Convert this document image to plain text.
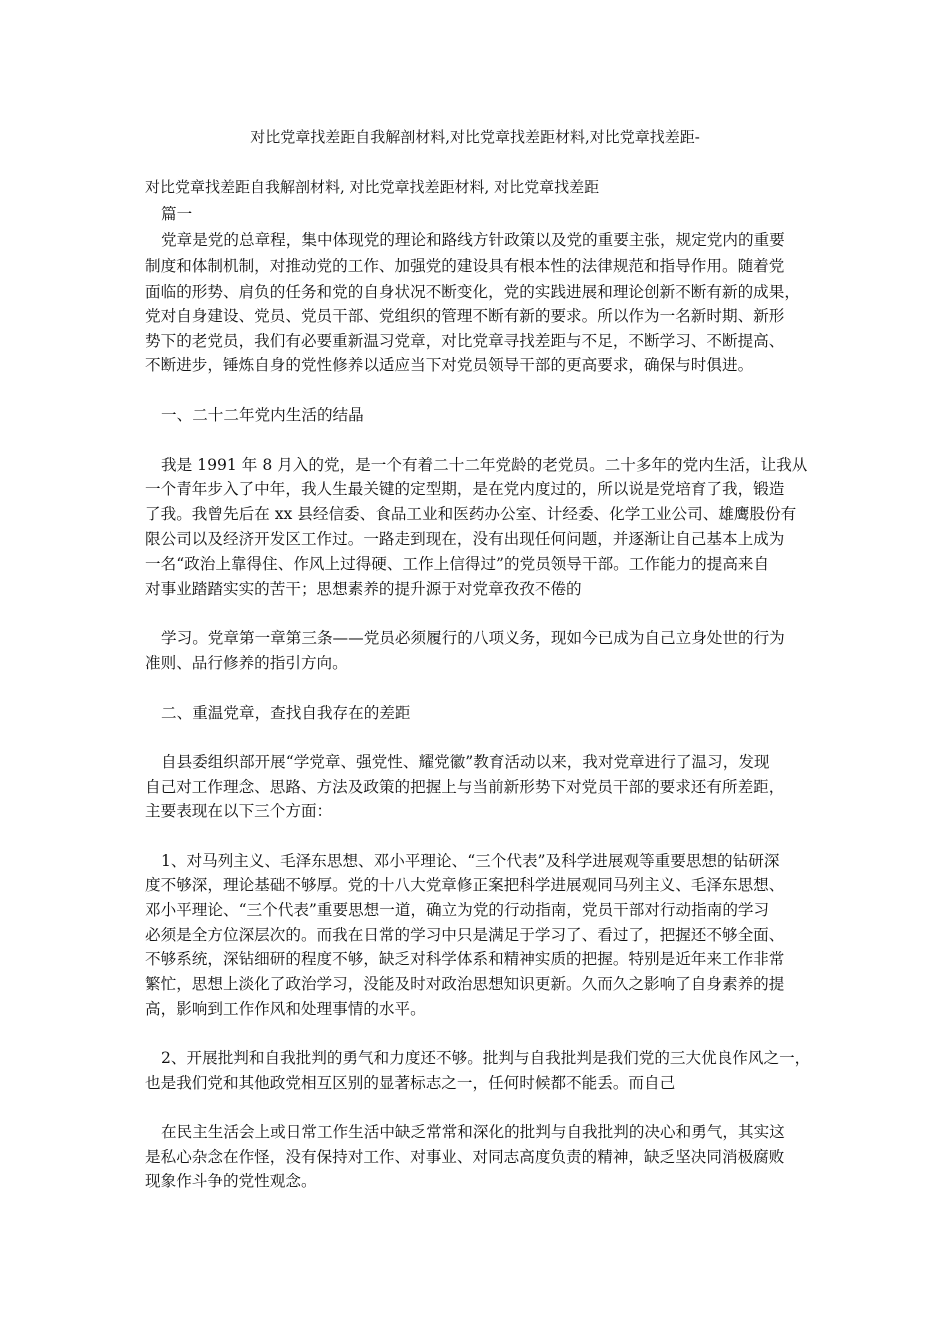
对比党章找差距自我解剖材料,对比党章找差距材料,对比党章找差距-

对比党章找差距自我解剖材料, 对比党章找差距材料, 对比党章找差距

篇一

党章是党的总章程，集中体现党的理论和路线方针政策以及党的重要主张，规定党内的重要

制度和体制机制，对推动党的工作、加强党的建设具有根本性的法律规范和指导作用。随着党

面临的形势、肩负的任务和党的自身状况不断变化，党的实践进展和理论创新不断有新的成果，

党对自身建设、党员、党员干部、党组织的管理不断有新的要求。所以作为一名新时期、新形

势下的老党员，我们有必要重新温习党章，对比党章寻找差距与不足，不断学习、不断提高、

不断进步，锤炼自身的党性修养以适应当下对党员领导干部的更高要求，确保与时俱进。

一、二十二年党内生活的结晶

我是 1991 年 8 月入的党，是一个有着二十二年党龄的老党员。二十多年的党内生活，让我从

一个青年步入了中年，我人生最关键的定型期，是在党内度过的，所以说是党培育了我，锻造

了我。我曾先后在 xx 县经信委、食品工业和医药办公室、计经委、化学工业公司、雄鹰股份有

限公司以及经济开发区工作过。一路走到现在，没有出现任何问题，并逐渐让自己基本上成为

一名“政治上靠得住、作风上过得硬、工作上信得过”的党员领导干部。工作能力的提高来自

对事业踏踏实实的苦干；思想素养的提升源于对党章孜孜不倦的

学习。党章第一章第三条——党员必须履行的八项义务，现如今已成为自己立身处世的行为

准则、品行修养的指引方向。

二、重温党章，查找自我存在的差距

自县委组织部开展“学党章、强党性、耀党徽”教育活动以来，我对党章进行了温习，发现

自己对工作理念、思路、方法及政策的把握上与当前新形势下对党员干部的要求还有所差距，

主要表现在以下三个方面：

1、对马列主义、毛泽东思想、邓小平理论、“三个代表”及科学进展观等重要思想的钻研深

度不够深，理论基础不够厚。党的十八大党章修正案把科学进展观同马列主义、毛泽东思想、

邓小平理论、“三个代表”重要思想一道，确立为党的行动指南，党员干部对行动指南的学习

必须是全方位深层次的。而我在日常的学习中只是满足于学习了、看过了，把握还不够全面、

不够系统，深钻细研的程度不够，缺乏对科学体系和精神实质的把握。特别是近年来工作非常

繁忙，思想上淡化了政治学习，没能及时对政治思想知识更新。久而久之影响了自身素养的提

高，影响到工作作风和处理事情的水平。

2、开展批判和自我批判的勇气和力度还不够。批判与自我批判是我们党的三大优良作风之一，

也是我们党和其他政党相互区别的显著标志之一，任何时候都不能丢。而自己

在民主生活会上或日常工作生活中缺乏常常和深化的批判与自我批判的决心和勇气，其实这

是私心杂念在作怪，没有保持对工作、对事业、对同志高度负责的精神，缺乏坚决同消极腐败

现象作斗争的党性观念。
